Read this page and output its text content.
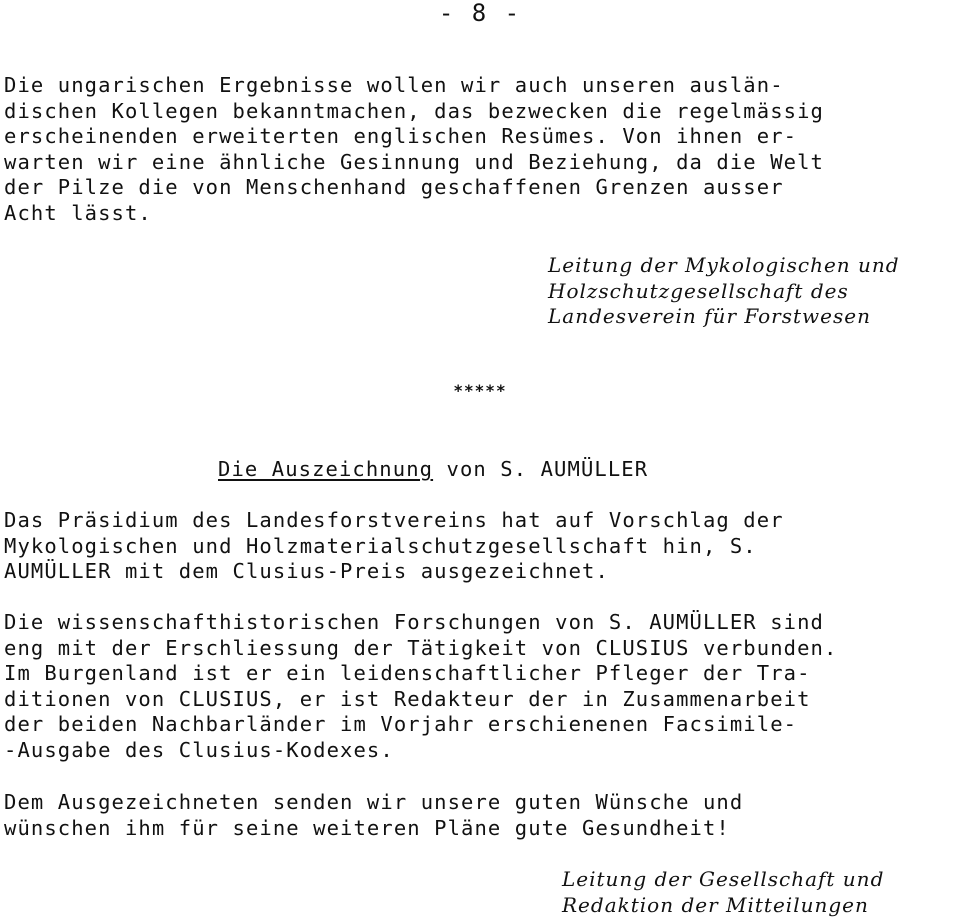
- 8 -
Die ungarischen Ergebnisse wollen wir auch unseren auslän-
dischen Kollegen bekanntmachen, das bezwecken die regelmässig
erscheinenden erweiterten englischen Resümes. Von ihnen er-
warten wir eine ähnliche Gesinnung und Beziehung, da die Welt
der Pilze die von Menschenhand geschaffenen Grenzen ausser
Acht lässt.
Leitung der Mykologischen und
Holzschutzgesellschaft des
Landesverein für Forstwesen
*****
Die Auszeichnung von S. AUMÜLLER
Das Präsidium des Landesforstvereins hat auf Vorschlag der
Mykologischen und Holzmaterialschutzgesellschaft hin, S.
AUMÜLLER mit dem Clusius-Preis ausgezeichnet.
Die wissenschafthistorischen Forschungen von S. AUMÜLLER sind
eng mit der Erschliessung der Tätigkeit von CLUSIUS verbunden.
Im Burgenland ist er ein leidenschaftlicher Pfleger der Tra-
ditionen von CLUSIUS, er ist Redakteur der in Zusammenarbeit
der beiden Nachbarländer im Vorjahr erschienenen Facsimile-
-Ausgabe des Clusius-Kodexes.
Dem Ausgezeichneten senden wir unsere guten Wünsche und
wünschen ihm für seine weiteren Pläne gute Gesundheit!
Leitung der Gesellschaft und
Redaktion der Mitteilungen
